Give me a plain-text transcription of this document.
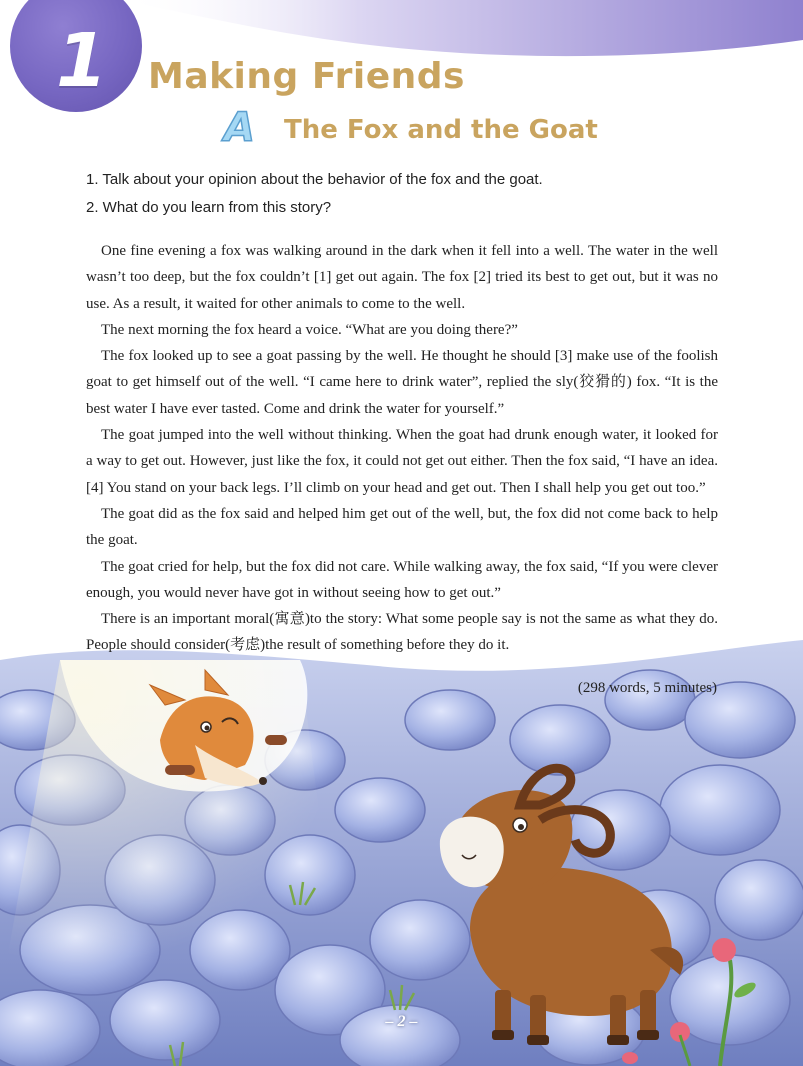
1 Making Friends
A The Fox and the Goat
1. Talk about your opinion about the behavior of the fox and the goat.
2. What do you learn from this story?

One fine evening a fox was walking around in the dark when it fell into a well. The water in the well wasn’t too deep, but the fox couldn’t [1] get out again. The fox [2] tried its best to get out, but it was no use. As a result, it waited for other animals to come to the well.

The next morning the fox heard a voice. “What are you doing there?”

The fox looked up to see a goat passing by the well. He thought he should [3] make use of the foolish goat to get himself out of the well. “I came here to drink water”, replied the sly(狡猾的) fox. “It is the best water I have ever tasted. Come and drink the water for yourself.”

The goat jumped into the well without thinking. When the goat had drunk enough water, it looked for a way to get out. However, just like the fox, it could not get out either. Then the fox said, “I have an idea. [4] You stand on your back legs. I’ll climb on your head and get out. Then I shall help you get out too.”

The goat did as the fox said and helped him get out of the well, but, the fox did not come back to help the goat.

The goat cried for help, but the fox did not care. While walking away, the fox said, “If you were clever enough, you would never have got in without seeing how to get out.”

There is an important moral(寓意)to the story: What some people say is not the same as what they do. People should consider(考虑)the result of something before they do it.

(298 words, 5 minutes)
– 2 –
